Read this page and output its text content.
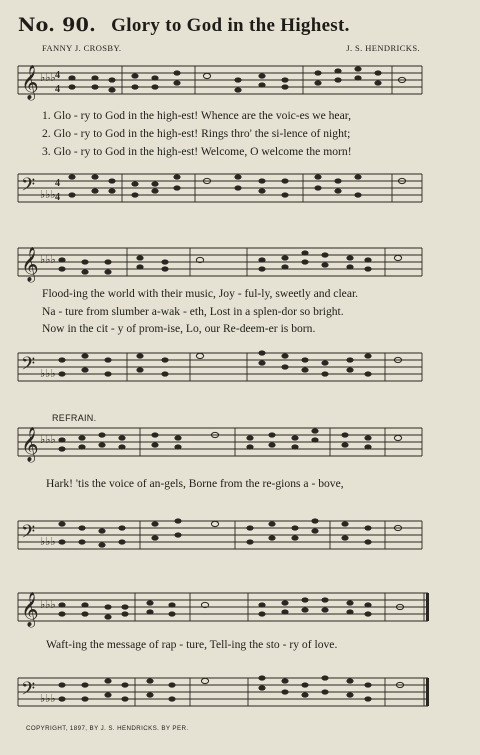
No. 90. Glory to God in the Highest.
FANNY J. CROSBY.	J. S. HENDRICKS.
𝄞 ♭♭♭ 4
4
1. Glo - ry to God in the high-est! Whence are the voic-es we hear,
2. Glo - ry to God in the high-est! Rings thro' the si-lence of night;
3. Glo - ry to God in the high-est! Welcome, O welcome the morn!
𝄢 ♭♭♭
4
4
𝄞 ♭♭♭
Flood-ing the world with their music, Joy - ful-ly, sweetly and clear.
Na - ture from slumber a-wak - eth, Lost in a splen-dor so bright.
Now in the cit - y of prom-ise, Lo, our Re-deem-er is born.
𝄢 ♭♭♭
REFRAIN.
𝄞 ♭♭♭
Hark! 'tis the voice of an-gels, Borne from the re-gions a - bove,
𝄢 ♭♭♭
𝄞 ♭♭♭
Waft-ing the message of rap - ture, Tell-ing the sto - ry of love.
𝄢 ♭♭♭
COPYRIGHT, 1897, BY J. S. HENDRICKS. BY PER.
